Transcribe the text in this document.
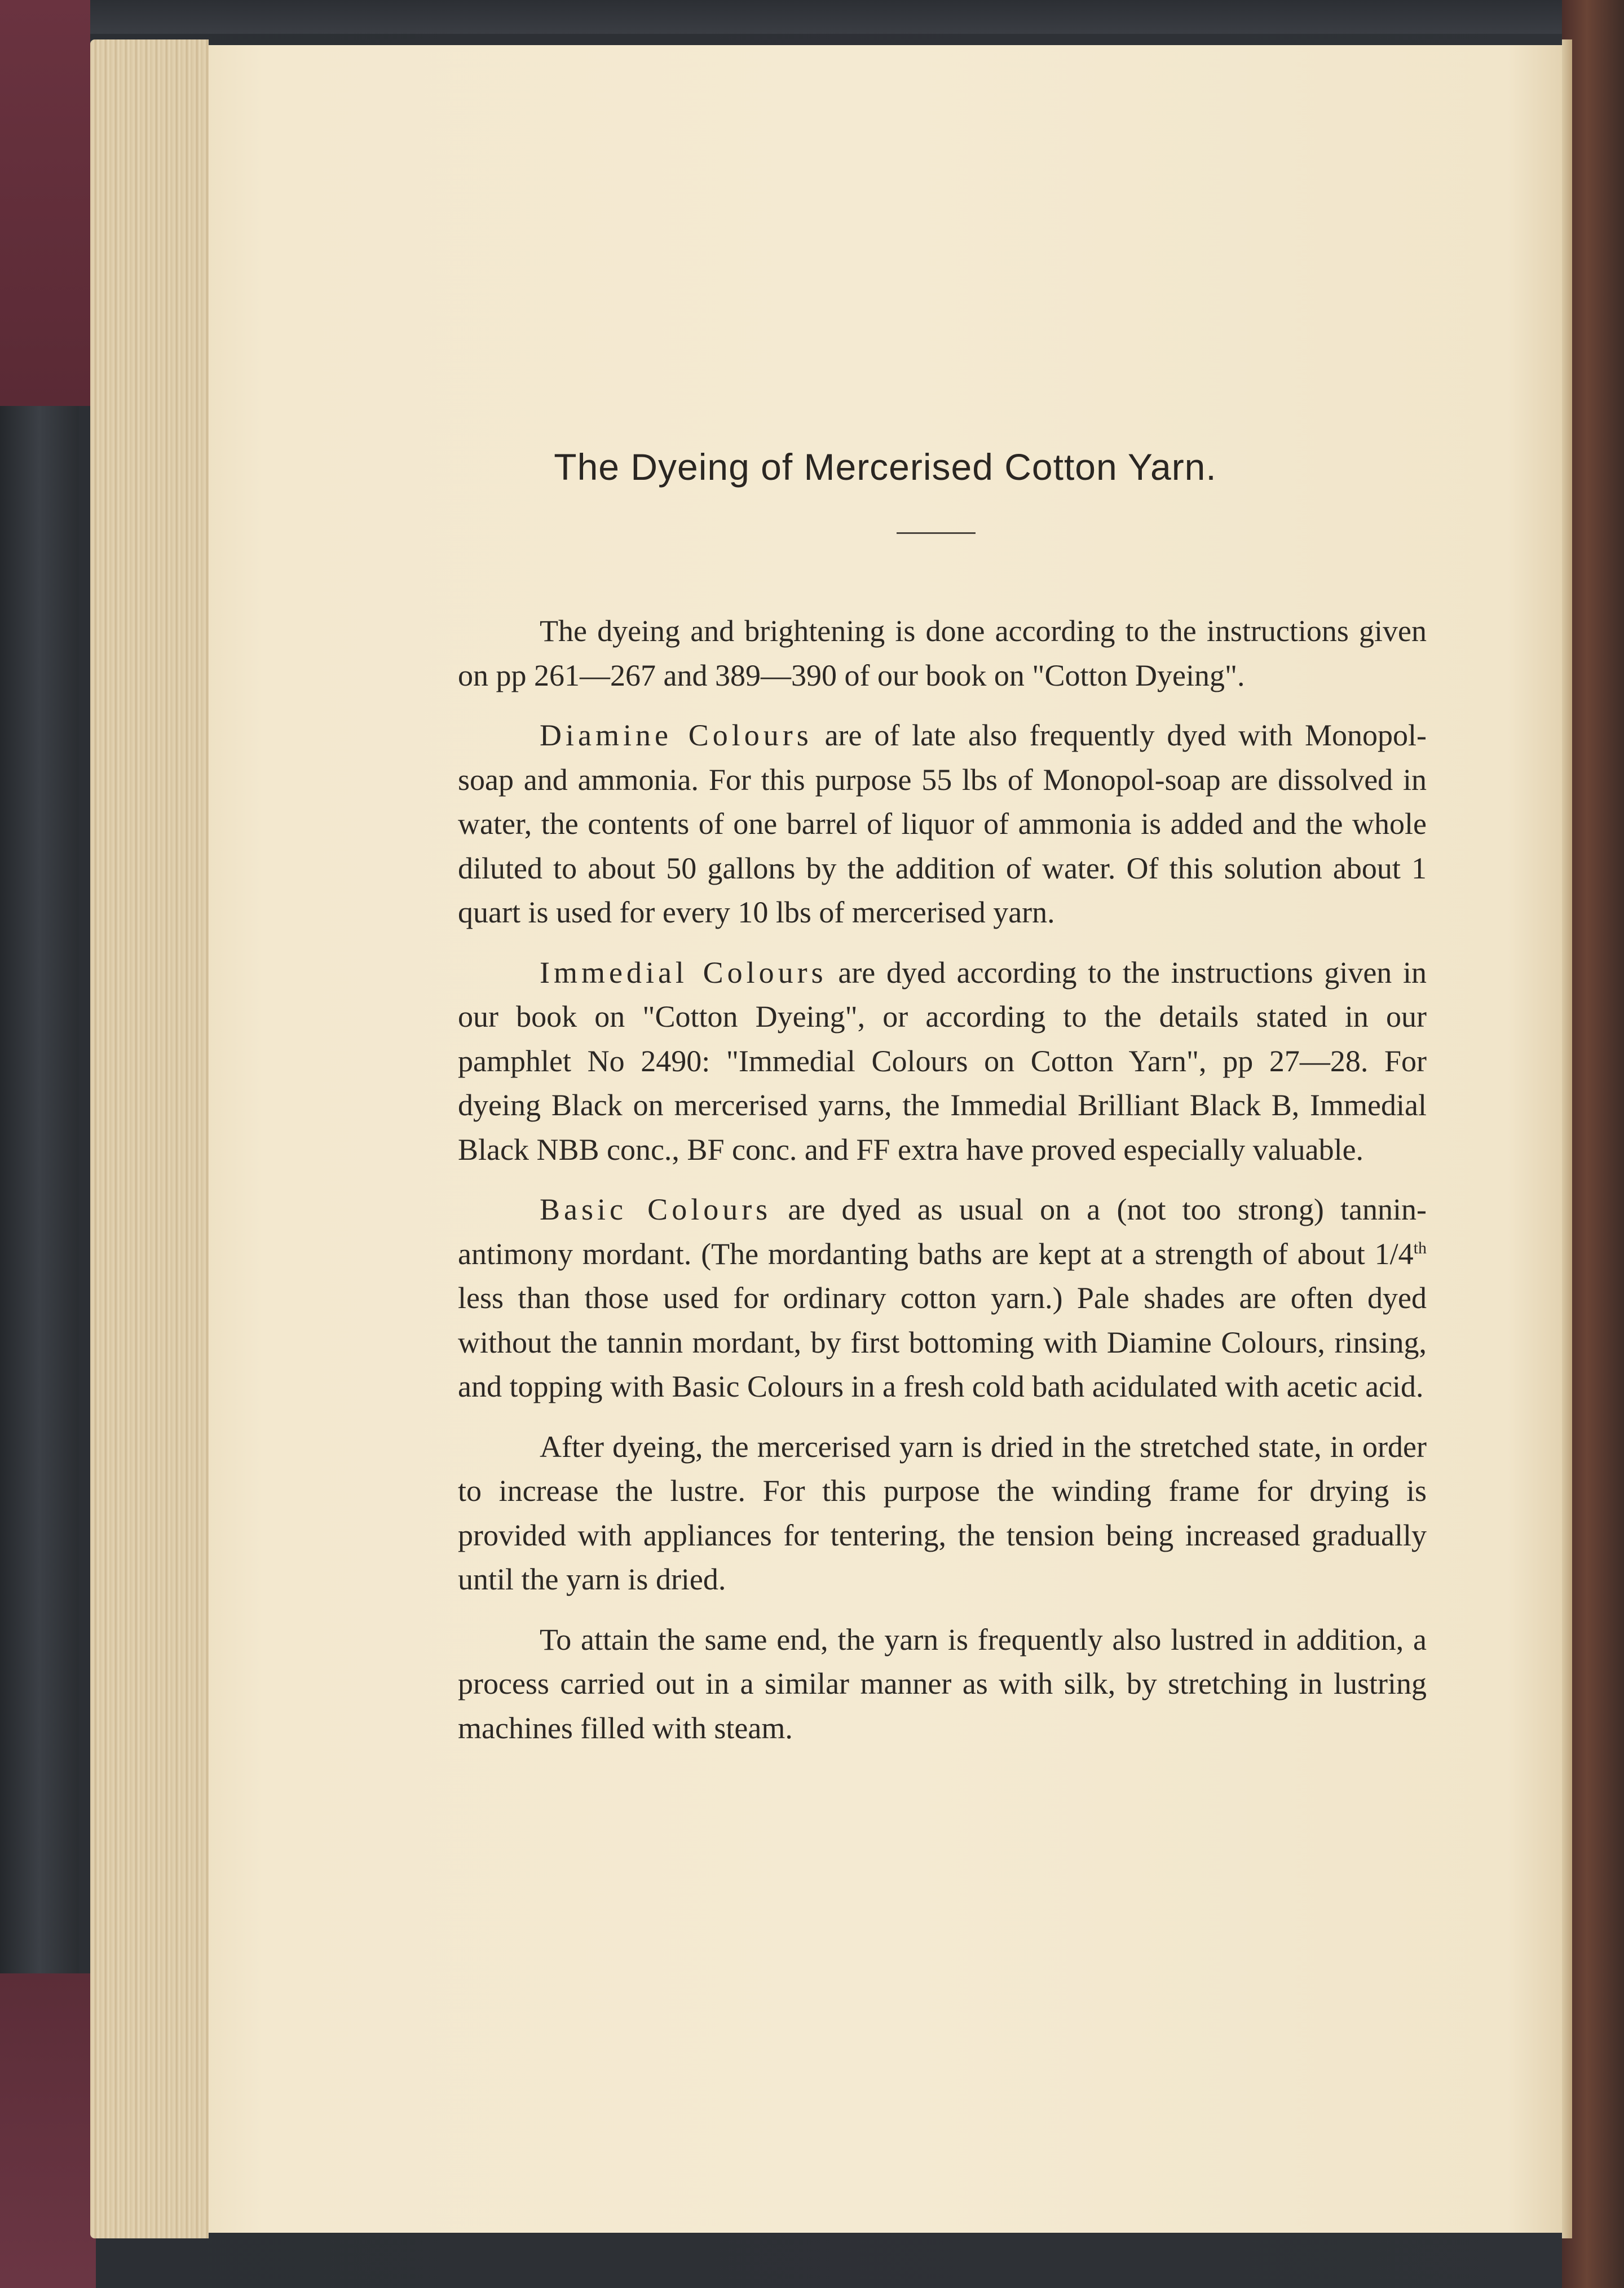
The Dyeing of Mercerised Cotton Yarn.

The dyeing and brightening is done according to the instructions given on pp 261—267 and 389—390 of our book on "Cotton Dyeing".

Diamine Colours are of late also frequently dyed with Monopol-soap and ammonia. For this purpose 55 lbs of Monopol-soap are dissolved in water, the contents of one barrel of liquor of ammonia is added and the whole diluted to about 50 gallons by the addition of water. Of this solution about 1 quart is used for every 10 lbs of mercerised yarn.

Immedial Colours are dyed according to the instructions given in our book on "Cotton Dyeing", or according to the details stated in our pamphlet No 2490: "Immedial Colours on Cotton Yarn", pp 27—28. For dyeing Black on mercerised yarns, the Immedial Brilliant Black B, Immedial Black NBB conc., BF conc. and FF extra have proved especially valuable.

Basic Colours are dyed as usual on a (not too strong) tannin-antimony mordant. (The mordanting baths are kept at a strength of about 1/4th less than those used for ordinary cotton yarn.) Pale shades are often dyed without the tannin mordant, by first bottoming with Diamine Colours, rinsing, and topping with Basic Colours in a fresh cold bath acidulated with acetic acid.

After dyeing, the mercerised yarn is dried in the stretched state, in order to increase the lustre. For this purpose the winding frame for drying is provided with appliances for tentering, the tension being increased gradually until the yarn is dried.

To attain the same end, the yarn is frequently also lustred in addition, a process carried out in a similar manner as with silk, by stretching in lustring machines filled with steam.
